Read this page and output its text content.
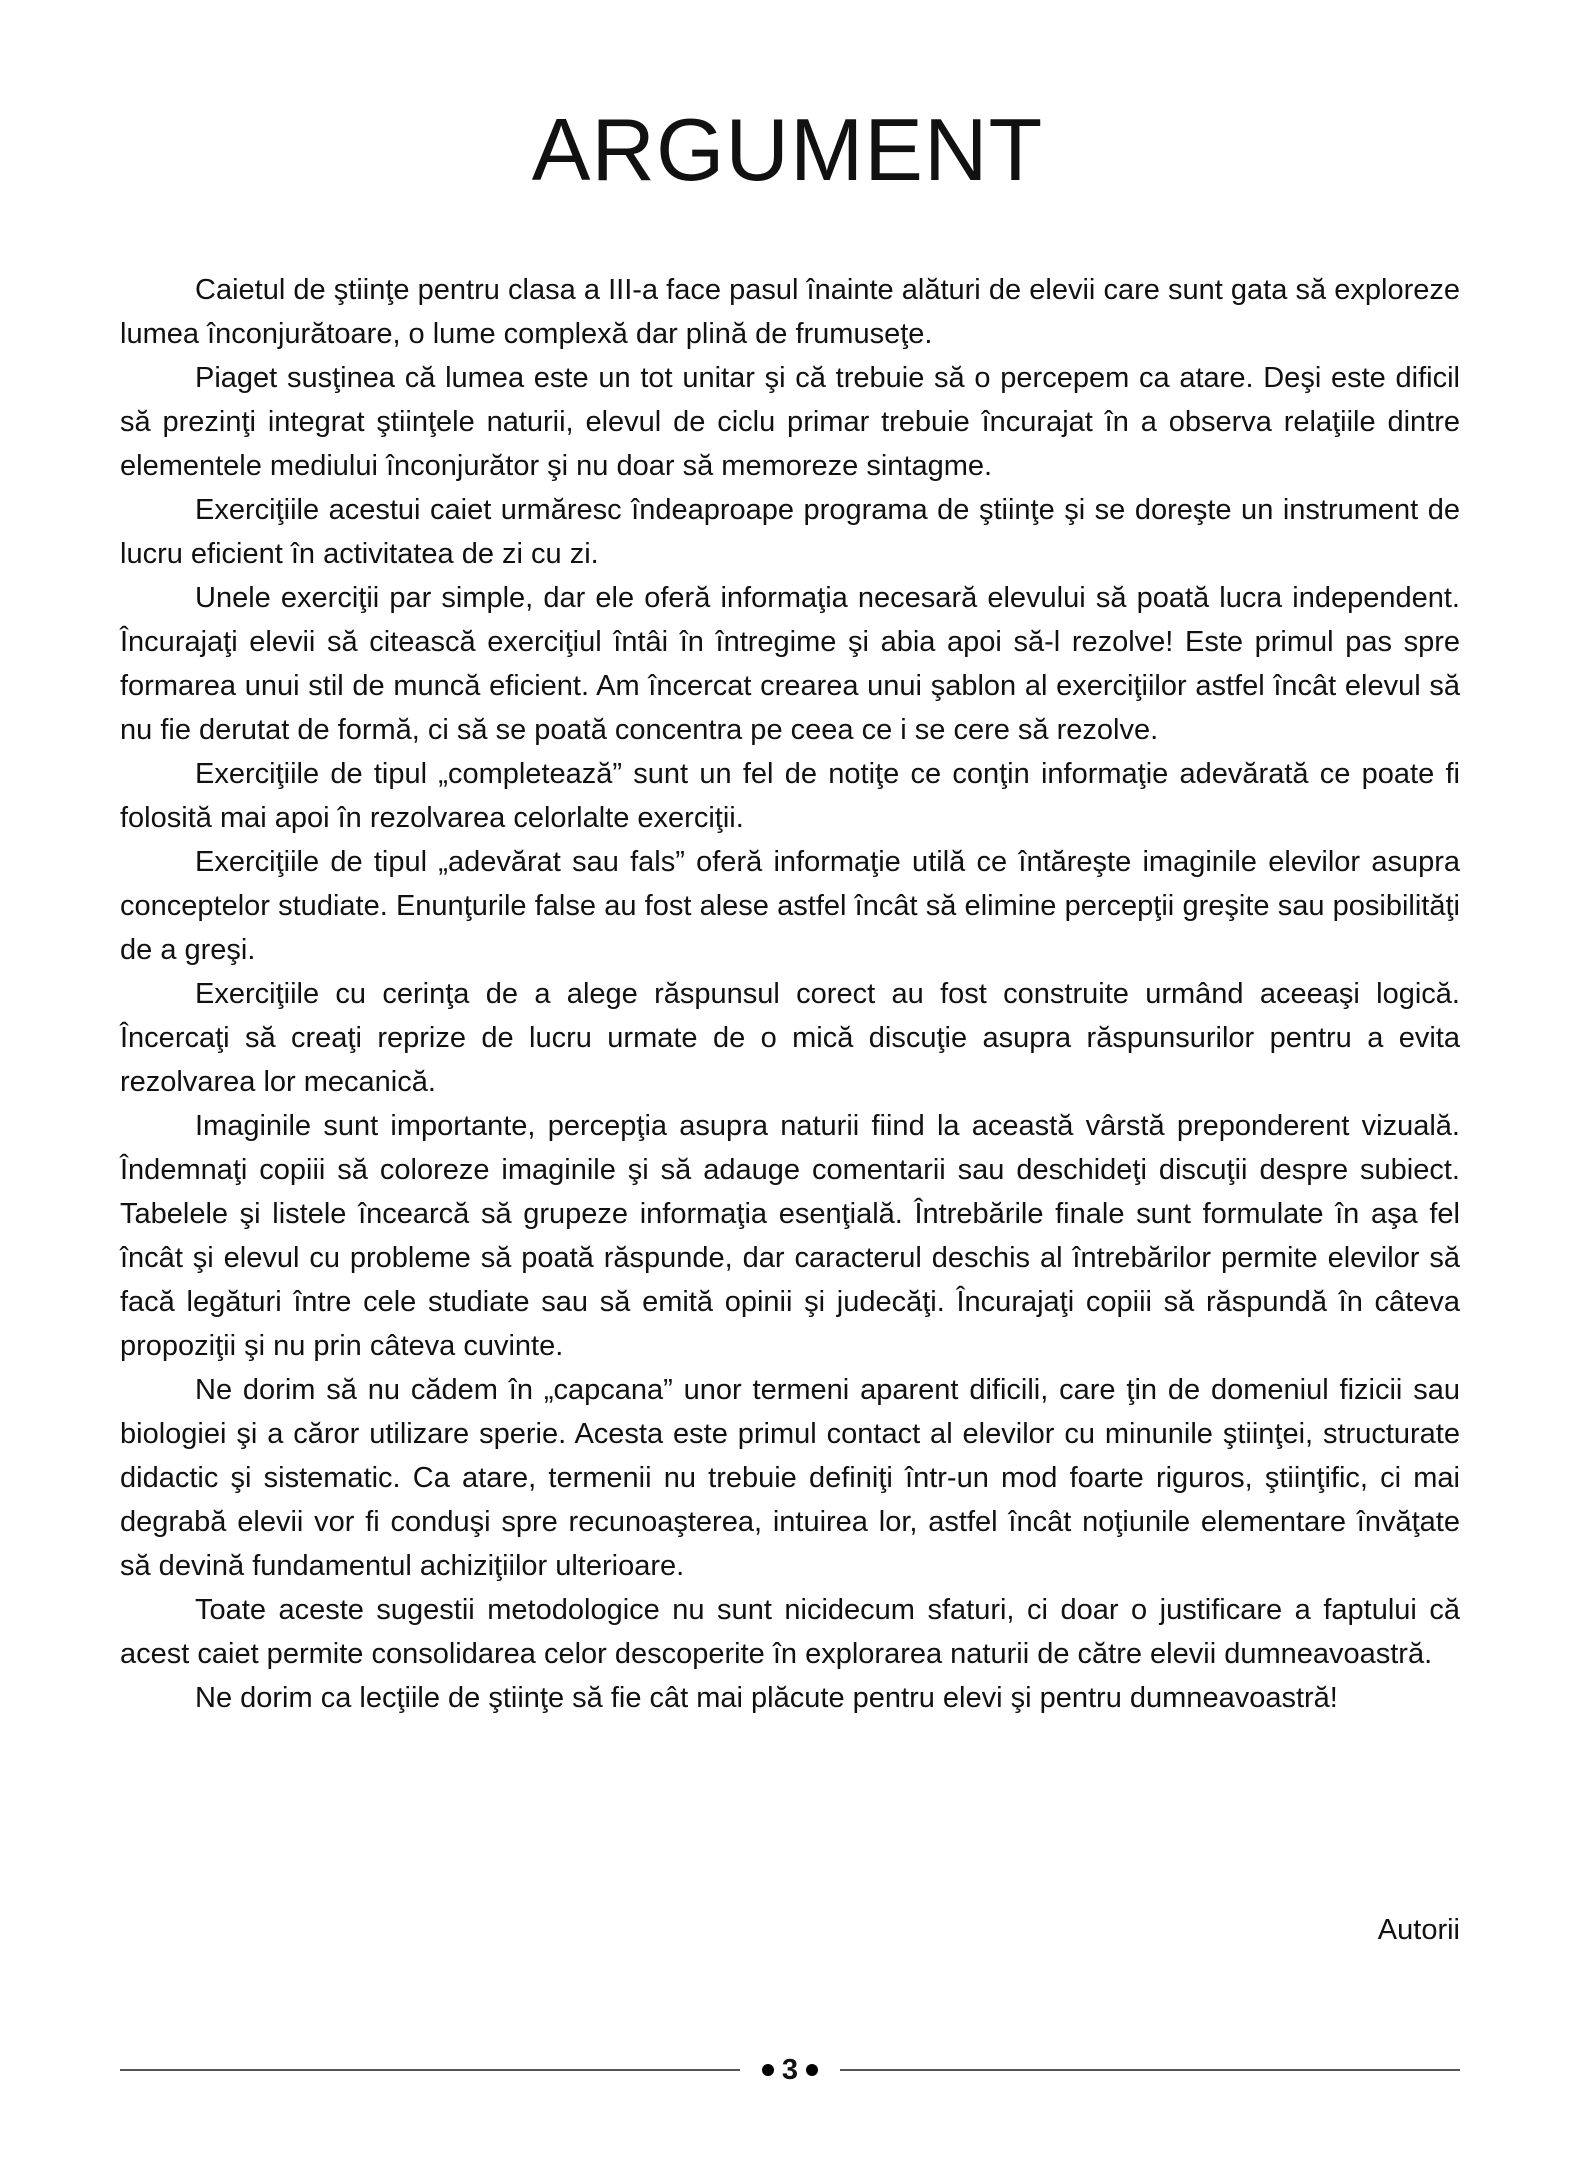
ARGUMENT

Caietul de ştiinţe pentru clasa a III-a face pasul înainte alături de elevii care sunt gata să exploreze lumea înconjurătoare, o lume complexă dar plină de frumuseţe.

Piaget susţinea că lumea este un tot unitar şi că trebuie să o percepem ca atare. Deşi este dificil să prezinţi integrat ştiinţele naturii, elevul de ciclu primar trebuie încurajat în a observa relaţiile dintre elementele mediului înconjurător şi nu doar să memoreze sintagme.

Exerciţiile acestui caiet urmăresc îndeaproape programa de ştiinţe şi se doreşte un instrument de lucru eficient în activitatea de zi cu zi.

Unele exerciţii par simple, dar ele oferă informaţia necesară elevului să poată lucra independent. Încurajaţi elevii să citească exerciţiul întâi în întregime şi abia apoi să-l rezolve! Este primul pas spre formarea unui stil de muncă eficient. Am încercat crearea unui şablon al exerciţiilor astfel încât elevul să nu fie derutat de formă, ci să se poată concentra pe ceea ce i se cere să rezolve.

Exerciţiile de tipul „completează” sunt un fel de notiţe ce conţin informaţie adevărată ce poate fi folosită mai apoi în rezolvarea celorlalte exerciţii.

Exerciţiile de tipul „adevărat sau fals” oferă informaţie utilă ce întăreşte imaginile elevilor asupra conceptelor studiate. Enunţurile false au fost alese astfel încât să elimine percepţii greşite sau posibilităţi de a greşi.

Exerciţiile cu cerinţa de a alege răspunsul corect au fost construite urmând aceeaşi logică. Încercaţi să creaţi reprize de lucru urmate de o mică discuţie asupra răspunsurilor pentru a evita rezolvarea lor mecanică.

Imaginile sunt importante, percepţia asupra naturii fiind la această vârstă preponderent vizuală. Îndemnaţi copiii să coloreze imaginile şi să adauge comentarii sau deschideţi discuţii despre subiect. Tabelele şi listele încearcă să grupeze informaţia esenţială. Întrebările finale sunt formulate în aşa fel încât şi elevul cu probleme să poată răspunde, dar caracterul deschis al întrebărilor permite elevilor să facă legături între cele studiate sau să emită opinii şi judecăţi. Încurajaţi copiii să răspundă în câteva propoziţii şi nu prin câteva cuvinte.

Ne dorim să nu cădem în „capcana” unor termeni aparent dificili, care ţin de domeniul fizicii sau biologiei şi a căror utilizare sperie. Acesta este primul contact al elevilor cu minunile ştiinţei, structurate didactic şi sistematic. Ca atare, termenii nu trebuie definiţi într-un mod foarte riguros, ştiinţific, ci mai degrabă elevii vor fi conduşi spre recunoaşterea, intuirea lor, astfel încât noţiunile elementare învăţate să devină fundamentul achiziţiilor ulterioare.

Toate aceste sugestii metodologice nu sunt nicidecum sfaturi, ci doar o justificare a faptului că acest caiet permite consolidarea celor descoperite în explorarea naturii de către elevii dumneavoastră.

Ne dorim ca lecţiile de ştiinţe să fie cât mai plăcute pentru elevi şi pentru dumneavoastră!

Autorii
3
